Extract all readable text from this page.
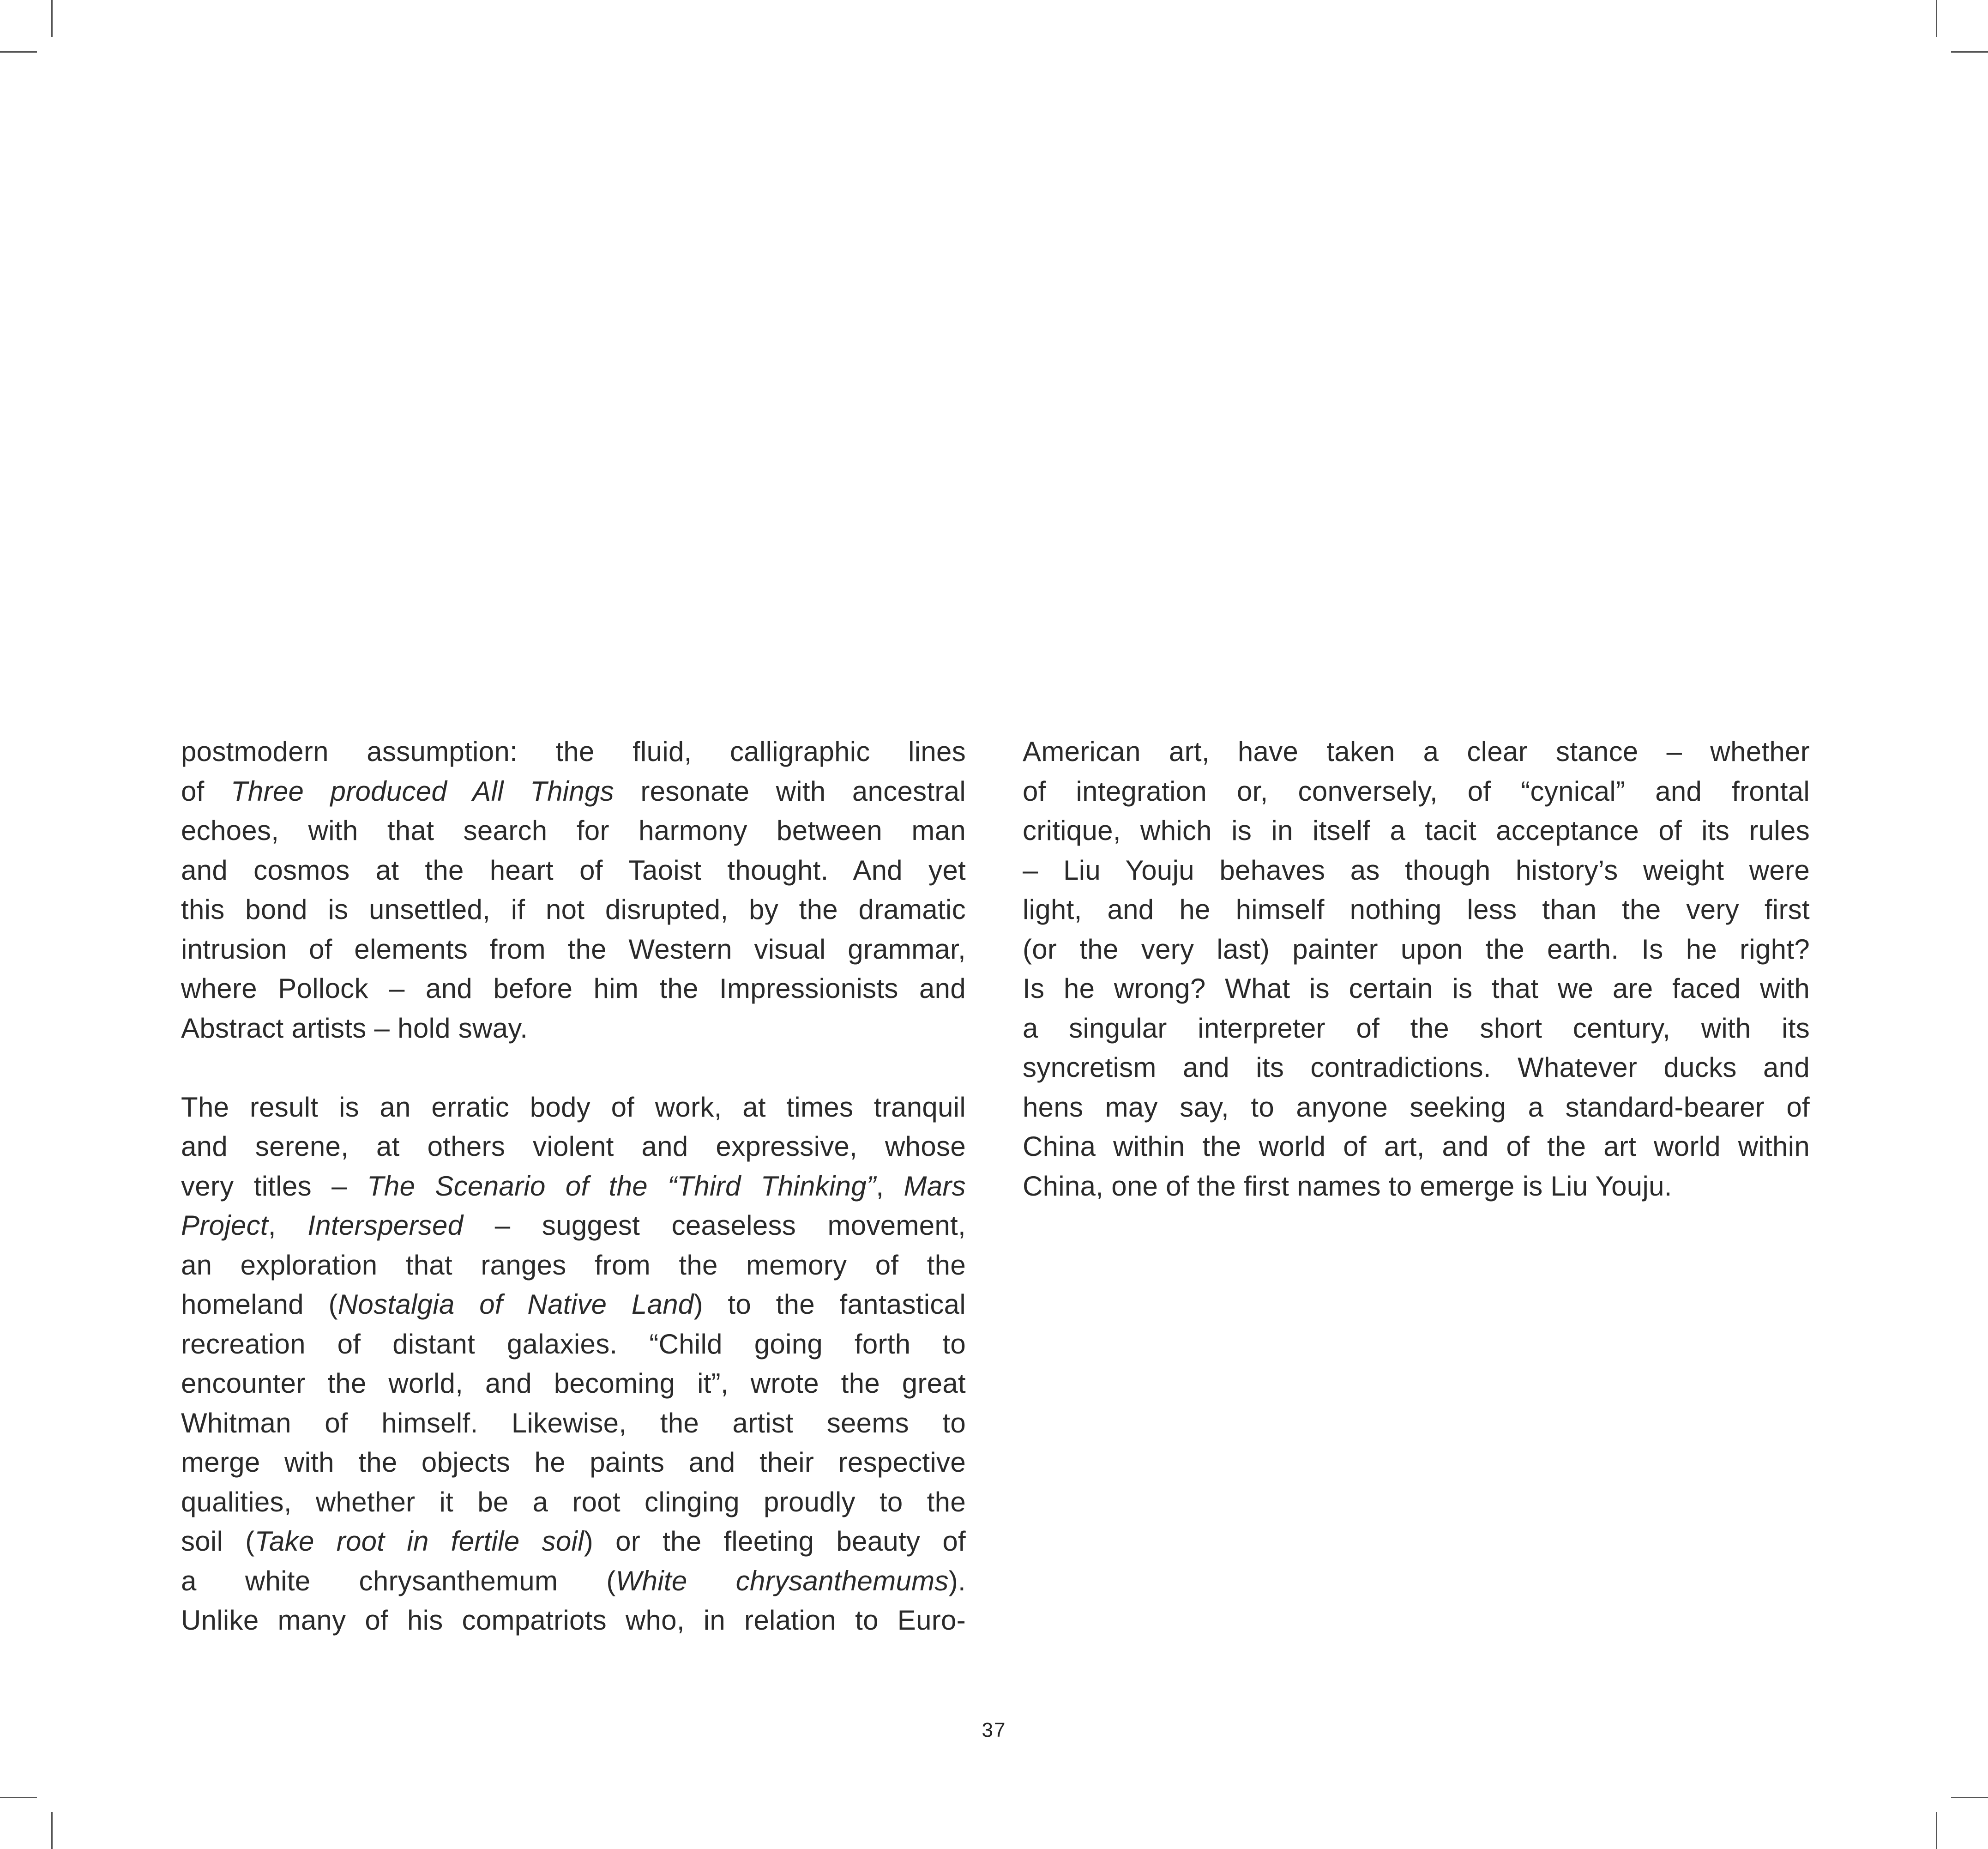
postmodern assumption: the fluid, calligraphic lines
of Three produced All Things resonate with ancestral
echoes, with that search for harmony between man
and cosmos at the heart of Taoist thought. And yet
this bond is unsettled, if not disrupted, by the dramatic
intrusion of elements from the Western visual grammar,
where Pollock – and before him the Impressionists and
Abstract artists – hold sway.
The result is an erratic body of work, at times tranquil
and serene, at others violent and expressive, whose
very titles – The Scenario of the “Third Thinking”, Mars
Project, Interspersed – suggest ceaseless movement,
an exploration that ranges from the memory of the
homeland (Nostalgia of Native Land) to the fantastical
recreation of distant galaxies. “Child going forth to
encounter the world, and becoming it”, wrote the great
Whitman of himself. Likewise, the artist seems to
merge with the objects he paints and their respective
qualities, whether it be a root clinging proudly to the
soil (Take root in fertile soil) or the fleeting beauty of
a white chrysanthemum (White chrysanthemums).
Unlike many of his compatriots who, in relation to Euro-
American art, have taken a clear stance – whether
of integration or, conversely, of “cynical” and frontal
critique, which is in itself a tacit acceptance of its rules
– Liu Youju behaves as though history’s weight were
light, and he himself nothing less than the very first
(or the very last) painter upon the earth. Is he right?
Is he wrong? What is certain is that we are faced with
a singular interpreter of the short century, with its
syncretism and its contradictions. Whatever ducks and
hens may say, to anyone seeking a standard-bearer of
China within the world of art, and of the art world within
China, one of the first names to emerge is Liu Youju.
37
